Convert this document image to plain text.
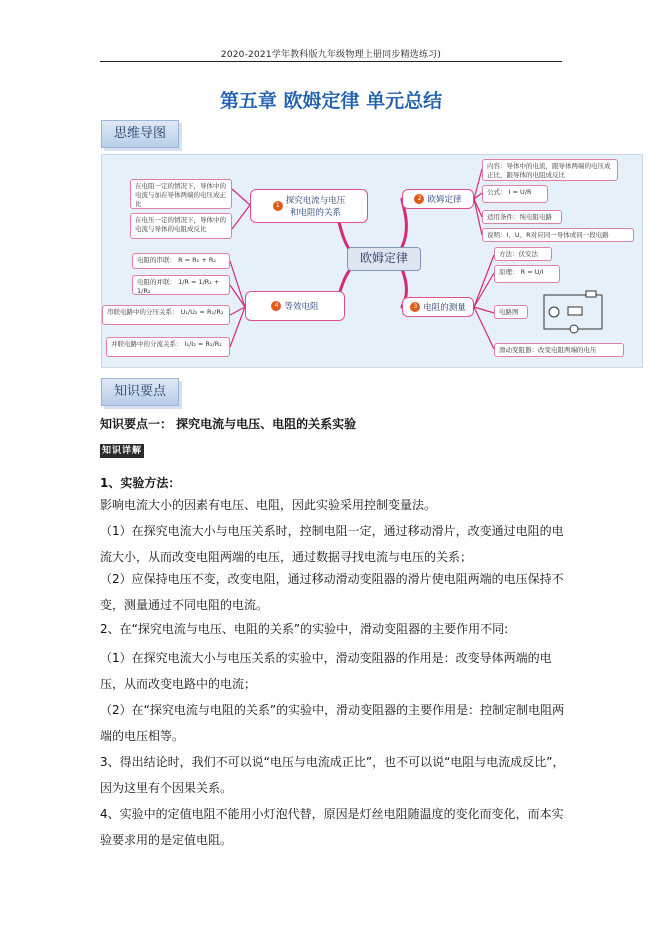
2020-2021学年教科版九年级物理上册同步精选练习)
第五章 欧姆定律 单元总结
思维导图
欧姆定律
1 探究电流与电压
和电阻的关系
2 欧姆定律
3 电阻的测量
4 等效电阻
在电阻一定的情况下，导体中的电流与加在导体两端的电压成正比
在电压一定的情况下，导体中的电流与导体的电阻成反比
内容：导体中的电流，跟导体两端的电压成正比，跟导体的电阻成反比
公式： I = U/R
适用条件：纯电阻电路
说明：I、U、R对应同一导体或同一段电路
方法：伏安法
原理： R = U/I
电路图
滑动变阻器：改变电阻两端的电压
电阻的串联： R = R₁ + R₂
电阻的并联： 1/R = 1/R₁ + 1/R₂
串联电路中的分压关系： U₁/U₂ = R₁/R₂
并联电路中的分流关系： I₁/I₂ = R₂/R₁
知识要点
知识要点一： 探究电流与电压、电阻的关系实验
知识详解
1、实验方法：
影响电流大小的因素有电压、电阻，因此实验采用控制变量法。
（1）在探究电流大小与电压关系时，控制电阻一定，通过移动滑片，改变通过电阻的电流大小，从而改变电阻两端的电压，通过数据寻找电流与电压的关系；
（2）应保持电压不变，改变电阻，通过移动滑动变阻器的滑片使电阻两端的电压保持不变，测量通过不同电阻的电流。
2、在“探究电流与电压、电阻的关系”的实验中，滑动变阻器的主要作用不同:
（1）在探究电流大小与电压关系的实验中，滑动变阻器的作用是：改变导体两端的电压，从而改变电路中的电流；
（2）在“探究电流与电阻的关系”的实验中，滑动变阻器的主要作用是：控制定制电阻两端的电压相等。
3、得出结论时，我们不可以说“电压与电流成正比”，也不可以说“电阻与电流成反比”，因为这里有个因果关系。
4、实验中的定值电阻不能用小灯泡代替，原因是灯丝电阻随温度的变化而变化，而本实验要求用的是定值电阻。
